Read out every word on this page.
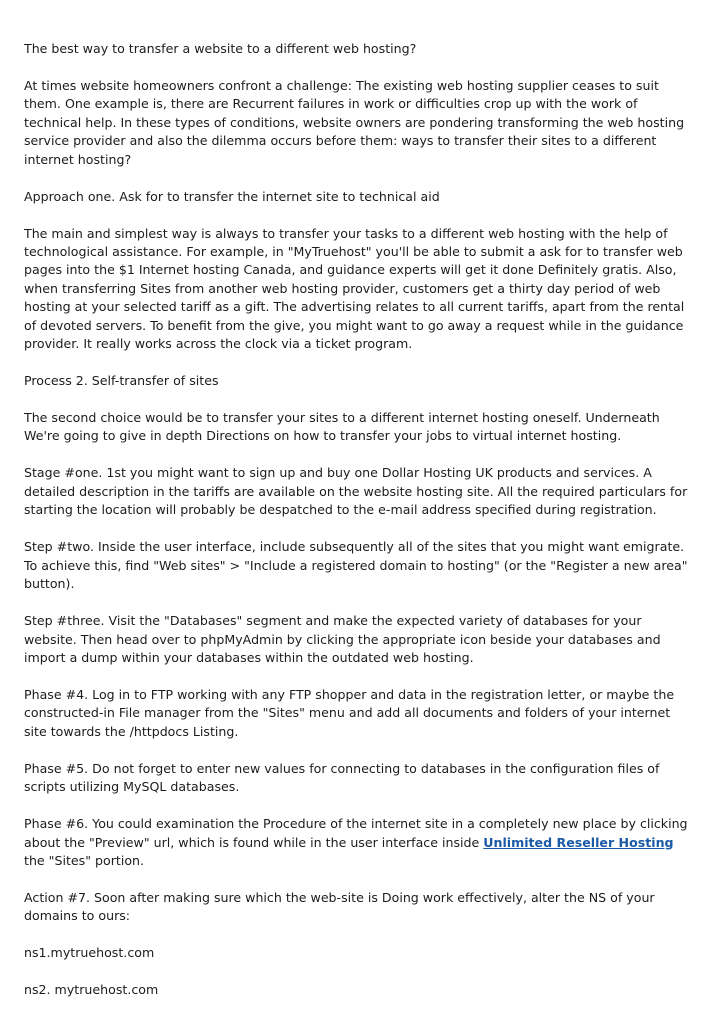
The best way to transfer a website to a different web hosting?

At times website homeowners confront a challenge: The existing web hosting supplier ceases to suit them. One example is, there are Recurrent failures in work or difficulties crop up with the work of technical help. In these types of conditions, website owners are pondering transforming the web hosting service provider and also the dilemma occurs before them: ways to transfer their sites to a different internet hosting?

Approach one. Ask for to transfer the internet site to technical aid

The main and simplest way is always to transfer your tasks to a different web hosting with the help of technological assistance. For example, in "MyTruehost" you'll be able to submit a ask for to transfer web pages into the $1 Internet hosting Canada, and guidance experts will get it done Definitely gratis. Also, when transferring Sites from another web hosting provider, customers get a thirty day period of web hosting at your selected tariff as a gift. The advertising relates to all current tariffs, apart from the rental of devoted servers. To benefit from the give, you might want to go away a request while in the guidance provider. It really works across the clock via a ticket program.

Process 2. Self-transfer of sites

The second choice would be to transfer your sites to a different internet hosting oneself. Underneath We're going to give in depth Directions on how to transfer your jobs to virtual internet hosting.

Stage #one. 1st you might want to sign up and buy one Dollar Hosting UK products and services. A detailed description in the tariffs are available on the website hosting site. All the required particulars for starting the location will probably be despatched to the e-mail address specified during registration.

Step #two. Inside the user interface, include subsequently all of the sites that you might want emigrate. To achieve this, find "Web sites" > "Include a registered domain to hosting" (or the "Register a new area" button).

Step #three. Visit the "Databases" segment and make the expected variety of databases for your website. Then head over to phpMyAdmin by clicking the appropriate icon beside your databases and import a dump within your databases within the outdated web hosting.

Phase #4. Log in to FTP working with any FTP shopper and data in the registration letter, or maybe the constructed-in File manager from the "Sites" menu and add all documents and folders of your internet site towards the /httpdocs Listing.

Phase #5. Do not forget to enter new values for connecting to databases in the configuration files of scripts utilizing MySQL databases.

Phase #6. You could examination the Procedure of the internet site in a completely new place by clicking about the "Preview" url, which is found while in the user interface inside Unlimited Reseller Hosting the "Sites" portion.

Action #7. Soon after making sure which the web-site is Doing work effectively, alter the NS of your domains to ours:

ns1.mytruehost.com

ns2. mytruehost.com
